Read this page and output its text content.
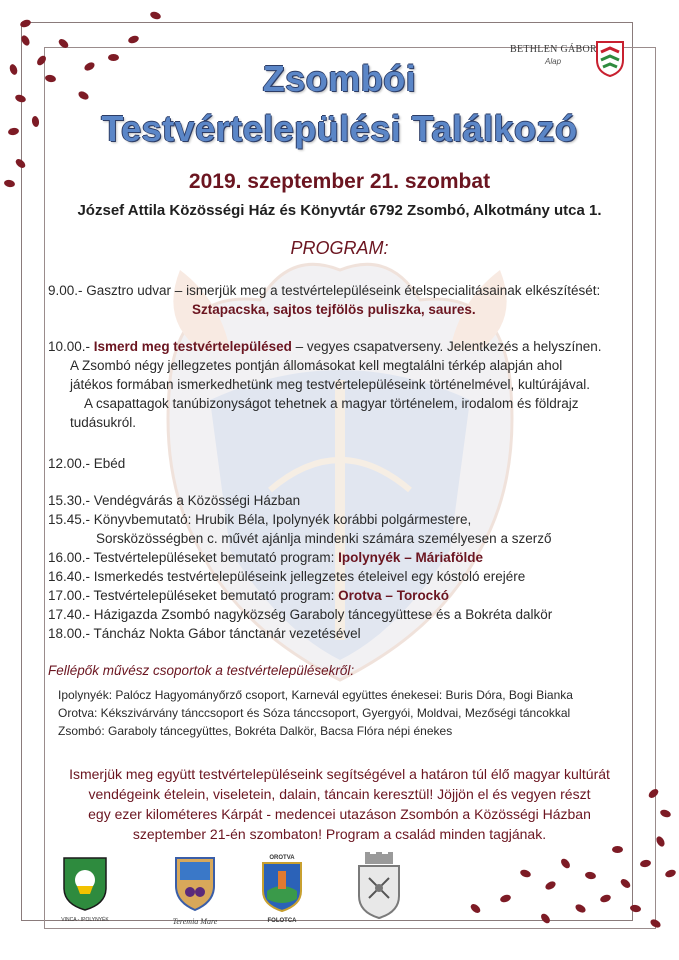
BETHLEN GÁBOR
Alap
Zsombói
Testvértelepülési Találkozó
2019. szeptember 21. szombat
József Attila Közösségi Ház és Könyvtár 6792 Zsombó, Alkotmány utca 1.
PROGRAM:
9.00.- Gasztro udvar – ismerjük meg a testvértelepüléseink ételspecialitásainak elkészítését:
Sztapacska, sajtos tejfölös puliszka, saures.
10.00.- Ismerd meg testvértelepülésed – vegyes csapatverseny. Jelentkezés a helyszínen.
A Zsombó négy jellegzetes pontján állomásokat kell megtalálni térkép alapján ahol
játékos formában ismerkedhetünk meg testvértelepüléseink történelmével, kultúrájával.
A csapattagok tanúbizonyságot tehetnek a magyar történelem, irodalom és földrajz
tudásukról.
12.00.- Ebéd
15.30.- Vendégvárás a Közösségi Házban
15.45.- Könyvbemutató: Hrubik Béla, Ipolynyék korábbi polgármestere,
Sorsközösségben c. művét ajánlja mindenki számára személyesen a szerző
16.00.- Testvértelepüléseket bemutató program: Ipolynyék – Máriafölde
16.40.- Ismerkedés testvértelepüléseink jellegzetes ételeivel egy kóstoló erejére
17.00.- Testvértelepüléseket bemutató program: Orotva – Torockó
17.40.- Házigazda Zsombó nagyközség Garaboly táncegyüttese és a Bokréta dalkör
18.00.- Táncház Nokta Gábor tánctanár vezetésével
Fellépők művész csoportok a testvértelepülésekről:
Ipolynyék: Palócz Hagyományőrző csoport, Karnevál együttes énekesei: Buris Dóra, Bogi Bianka
Orotva: Kékszivárvány tánccsoport és Sóza tánccsoport, Gyergyói, Moldvai, Mezőségi táncokkal
Zsombó: Garaboly táncegyüttes, Bokréta Dalkör, Bacsa Flóra népi énekes
Ismerjük meg együtt testvértelepüléseink segítségével a határon túl élő magyar kultúrát
vendégeink ételein, viseletein, dalain, táncain keresztül! Jöjjön el és vegyen részt
egy ezer kilométeres Kárpát - medencei utazáson Zsombón a Közösségi Házban
szeptember 21-én szombaton! Program a család minden tagjának.
VINCA - IPOLYNYÉK	Teremia Mare
OROTVA
FOLOTCA
